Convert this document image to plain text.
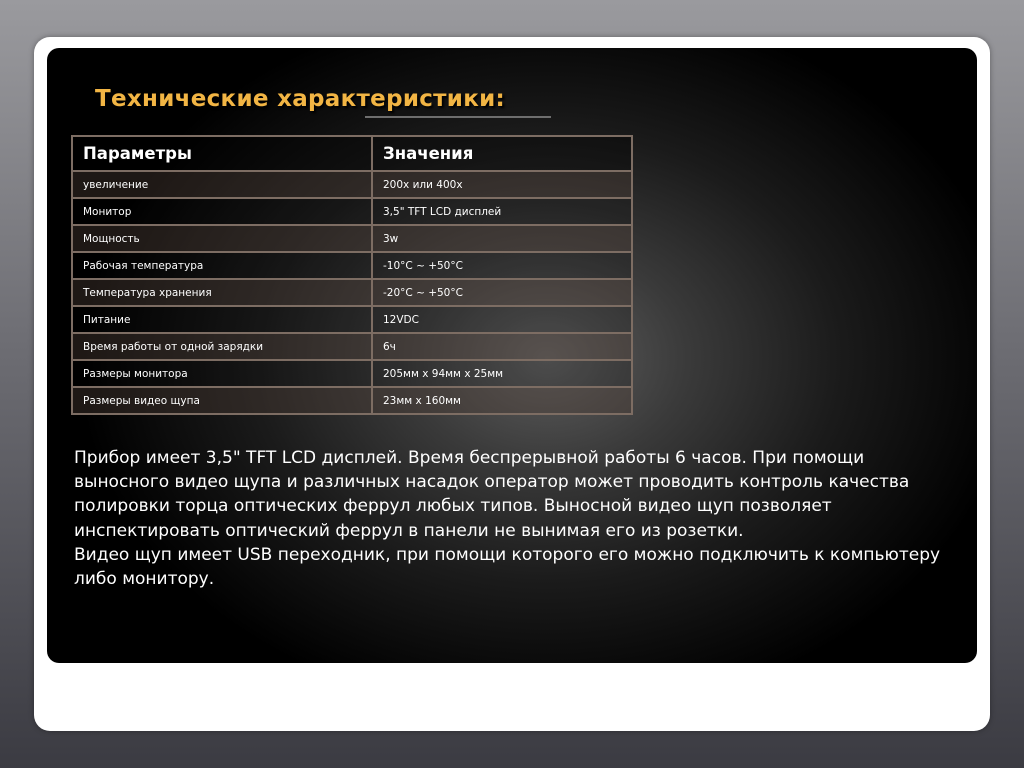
Технические характеристики:
Параметры	Значения
увеличение	200x или 400x
Монитор	3,5" TFT LCD дисплей
Мощность	3w
Рабочая температура	-10°C ~ +50°C
Температура хранения	-20°C ~ +50°C
Питание	12VDC
Время работы от одной зарядки	6ч
Размеры монитора	205мм x 94мм x 25мм
Размеры видео щупа	23мм x 160мм

Прибор имеет 3,5" TFT LCD дисплей. Время беспрерывной работы 6 часов. При помощи выносного видео щупа и различных насадок оператор может проводить контроль качества полировки торца оптических феррул любых типов. Выносной видео щуп позволяет инспектировать оптический феррул в панели не вынимая его из розетки.

Видео щуп имеет USB переходник, при помощи которого его можно подключить к компьютеру либо монитору.
